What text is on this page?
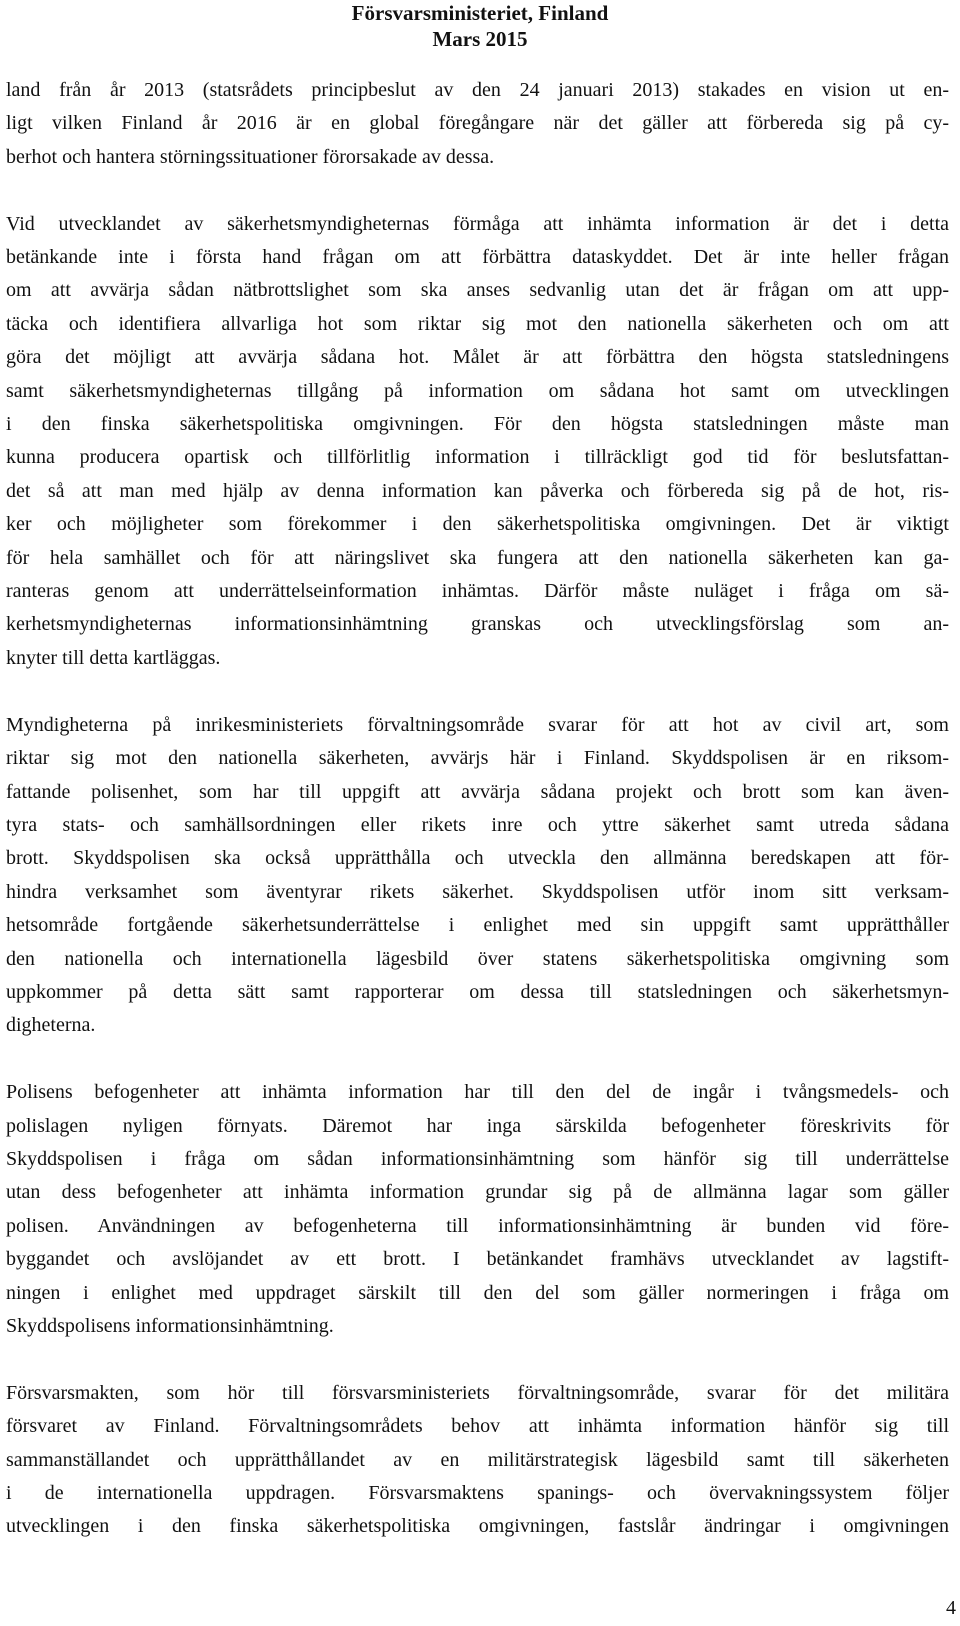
Försvarsministeriet, Finland
Mars 2015
land från år 2013 (statsrådets principbeslut av den 24 januari 2013) stakades en vision ut en-
ligt vilken Finland år 2016 är en global föregångare när det gäller att förbereda sig på cy-
berhot och hantera störningssituationer förorsakade av dessa.
Vid utvecklandet av säkerhetsmyndigheternas förmåga att inhämta information är det i detta
betänkande inte i första hand frågan om att förbättra dataskyddet. Det är inte heller frågan
om att avvärja sådan nätbrottslighet som ska anses sedvanlig utan det är frågan om att upp-
täcka och identifiera allvarliga hot som riktar sig mot den nationella säkerheten och om att
göra det möjligt att avvärja sådana hot. Målet är att förbättra den högsta statsledningens
samt säkerhetsmyndigheternas tillgång på information om sådana hot samt om utvecklingen
i den finska säkerhetspolitiska omgivningen. För den högsta statsledningen måste man
kunna producera opartisk och tillförlitlig information i tillräckligt god tid för beslutsfattan-
det så att man med hjälp av denna information kan påverka och förbereda sig på de hot, ris-
ker och möjligheter som förekommer i den säkerhetspolitiska omgivningen. Det är viktigt
för hela samhället och för att näringslivet ska fungera att den nationella säkerheten kan ga-
ranteras genom att underrättelseinformation inhämtas. Därför måste nuläget i fråga om sä-
kerhetsmyndigheternas informationsinhämtning granskas och utvecklingsförslag som an-
knyter till detta kartläggas.
Myndigheterna på inrikesministeriets förvaltningsområde svarar för att hot av civil art, som
riktar sig mot den nationella säkerheten, avvärjs här i Finland. Skyddspolisen är en riksom-
fattande polisenhet, som har till uppgift att avvärja sådana projekt och brott som kan även-
tyra stats- och samhällsordningen eller rikets inre och yttre säkerhet samt utreda sådana
brott. Skyddspolisen ska också upprätthålla och utveckla den allmänna beredskapen att för-
hindra verksamhet som äventyrar rikets säkerhet. Skyddspolisen utför inom sitt verksam-
hetsområde fortgående säkerhetsunderrättelse i enlighet med sin uppgift samt upprätthåller
den nationella och internationella lägesbild över statens säkerhetspolitiska omgivning som
uppkommer på detta sätt samt rapporterar om dessa till statsledningen och säkerhetsmyn-
digheterna.
Polisens befogenheter att inhämta information har till den del de ingår i tvångsmedels- och
polislagen nyligen förnyats. Däremot har inga särskilda befogenheter föreskrivits för
Skyddspolisen i fråga om sådan informationsinhämtning som hänför sig till underrättelse
utan dess befogenheter att inhämta information grundar sig på de allmänna lagar som gäller
polisen. Användningen av befogenheterna till informationsinhämtning är bunden vid före-
byggandet och avslöjandet av ett brott. I betänkandet framhävs utvecklandet av lagstift-
ningen i enlighet med uppdraget särskilt till den del som gäller normeringen i fråga om
Skyddspolisens informationsinhämtning.
Försvarsmakten, som hör till försvarsministeriets förvaltningsområde, svarar för det militära
försvaret av Finland. Förvaltningsområdets behov att inhämta information hänför sig till
sammanställandet och upprätthållandet av en militärstrategisk lägesbild samt till säkerheten
i de internationella uppdragen. Försvarsmaktens spanings- och övervakningssystem följer
utvecklingen i den finska säkerhetspolitiska omgivningen, fastslår ändringar i omgivningen
4
